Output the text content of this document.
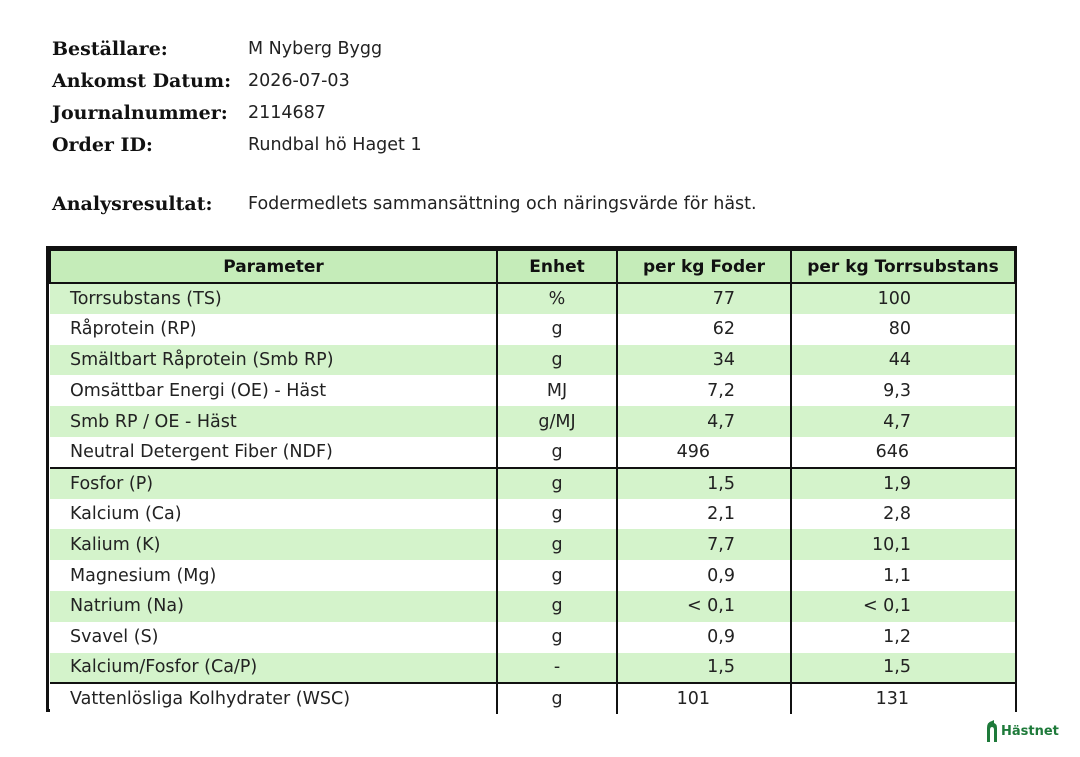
Beställare:	M Nyberg Bygg
Ankomst Datum: 2026-07-03
Journalnummer:	2114687
Order ID:	Rundbal hö Haget 1
Analysresultat:	Fodermedlets sammansättning och näringsvärde för häst.
Parameter	Enhet	per kg Foder	per kg Torrsubstans
Torrsubstans (TS)	%	77	100
Råprotein (RP)	g	62	80
Smältbart Råprotein (Smb RP)	g	34	44
Omsättbar Energi (OE) - Häst	MJ	7,2	9,3
Smb RP / OE - Häst	g/MJ	4,7	4,7
Neutral Detergent Fiber (NDF)	g	496	646
Fosfor (P)	g	1,5	1,9
Kalcium (Ca)	g	2,1	2,8
Kalium (K)	g	7,7	10,1
Magnesium (Mg)	g	0,9	1,1
Natrium (Na)	g	< 0,1	< 0,1
Svavel (S)	g	0,9	1,2
Kalcium/Fosfor (Ca/P)	-	1,5	1,5
Vattenlösliga Kolhydrater (WSC)	g	101	131
Hästnet
